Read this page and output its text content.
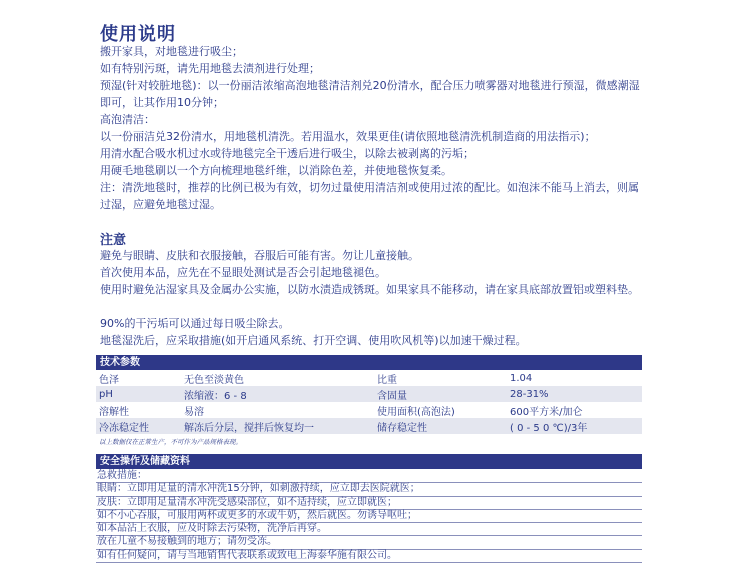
使用说明

搬开家具，对地毯进行吸尘；

如有特别污斑，请先用地毯去渍剂进行处理；

预湿(针对较脏地毯)：以一份丽洁浓缩高泡地毯清洁剂兑20份清水，配合压力喷雾器对地毯进行预湿，微感潮湿即可，让其作用10分钟；

高泡清洁：

以一份丽洁兑32份清水，用地毯机清洗。若用温水，效果更佳(请依照地毯清洗机制造商的用法指示)；

用清水配合吸水机过水或待地毯完全干透后进行吸尘，以除去被剥离的污垢；

用硬毛地毯刷以一个方向梳理地毯纤维，以消除色差，并使地毯恢复柔。

注：清洗地毯时，推荐的比例已极为有效，切勿过量使用清洁剂或使用过浓的配比。如泡沫不能马上消去，则属过湿，应避免地毯过湿。

注意

避免与眼睛、皮肤和衣服接触，吞服后可能有害。勿让儿童接触。

首次使用本品，应先在不显眼处测试是否会引起地毯褪色。

使用时避免沾湿家具及金属办公实施，以防水渍造成锈斑。如果家具不能移动，请在家具底部放置铝或塑料垫。

90%的干污垢可以通过每日吸尘除去。

地毯湿洗后，应采取措施(如开启通风系统、打开空调、使用吹风机等)以加速干燥过程。

技术参数
色泽	无色至淡黄色	比重	1.04
pH	浓缩液：6 - 8	含固量	28-31%
溶解性	易溶	使用面积(高泡法)	600平方米/加仑
冷冻稳定性	解冻后分层，搅拌后恢复均一	储存稳定性	( 0 - 5 0 ℃)/3年
以上数据仅在正常生产，不可作为产品规格表现。
安全操作及储藏资料
急救措施：
眼睛：立即用足量的清水冲洗15分钟，如刺激持续，应立即去医院就医；
皮肤：立即用足量清水冲洗受感染部位，如不适持续，应立即就医；
如不小心吞服，可服用两杯或更多的水或牛奶，然后就医。勿诱导呕吐；
如本品沾上衣服，应及时除去污染物，洗净后再穿。
放在儿童不易接触到的地方；请勿受冻。
如有任何疑问，请与当地销售代表联系或致电上海泰华施有限公司。
